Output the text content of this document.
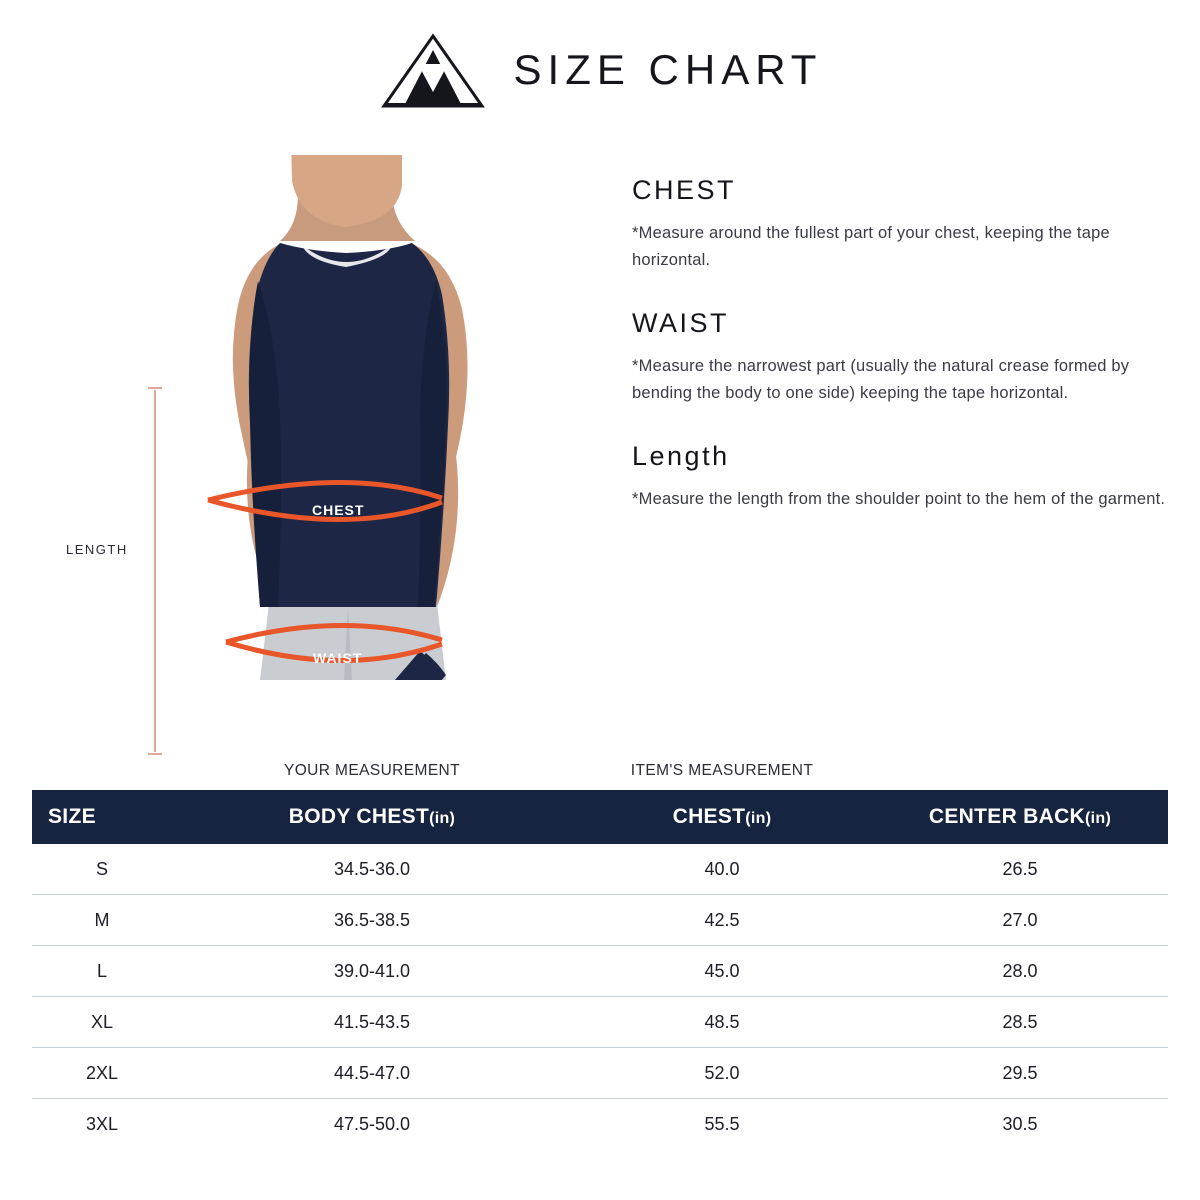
SIZE CHART
LENGTH
CHEST
WAIST
CHEST

*Measure around the fullest part of your chest, keeping the tape horizontal.

WAIST

*Measure the narrowest part (usually the natural crease formed by bending the body to one side) keeping the tape horizontal.

Length

*Measure the length from the shoulder point to the hem of the garment.

YOUR MEASUREMENT	ITEM'S MEASUREMENT
SIZE	BODY CHEST(in)	CHEST(in)	CENTER BACK(in)
S	34.5-36.0	40.0	26.5
M	36.5-38.5	42.5	27.0
L	39.0-41.0	45.0	28.0
XL	41.5-43.5	48.5	28.5
2XL	44.5-47.0	52.0	29.5
3XL	47.5-50.0	55.5	30.5
